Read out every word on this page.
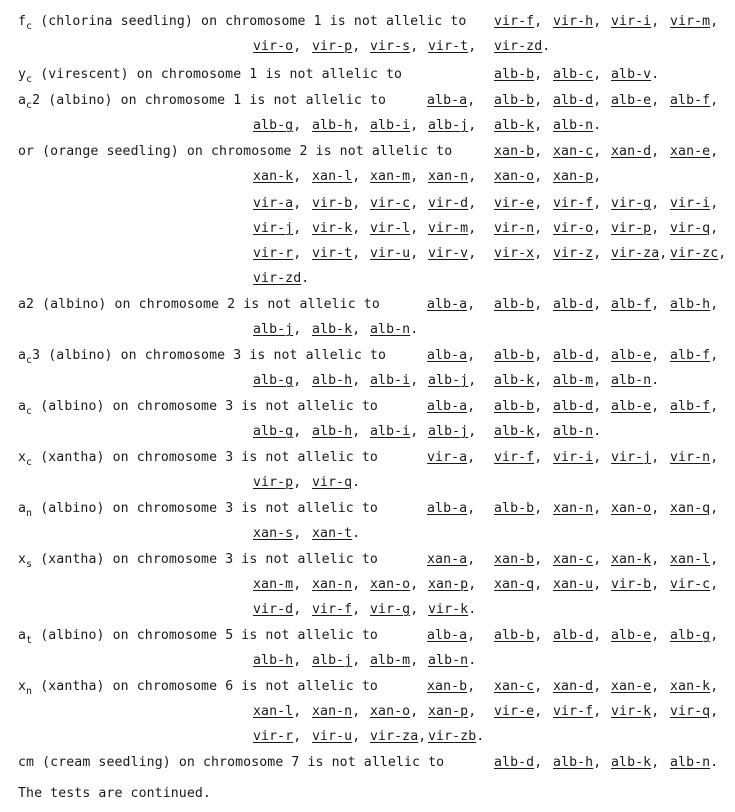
$f_c$ (chlorina seedling) on chromosome 1 is not allelic to vir-f, vir-h, vir-i, vir-m,
vir-o, vir-p, vir-s, vir-t, vir-zd.
$y_c$ (virescent) on chromosome 1 is not allelic to	alb-b, alb-c, alb-v.
$a_c2$ (albino) on chromosome 1 is not allelic to	alb-a, alb-b, alb-d, alb-e, alb-f,
alb-g, alb-h, alb-i, alb-j, alb-k, alb-n.
or (orange seedling) on chromosome 2 is not allelic to	xan-b, xan-c, xan-d, xan-e,
xan-k, xan-l, xan-m, xan-n, xan-o, xan-p,
vir-a, vir-b, vir-c, vir-d, vir-e, vir-f, vir-g, vir-i,
vir-j, vir-k, vir-l, vir-m, vir-n, vir-o, vir-p, vir-q,
vir-r, vir-t, vir-u, vir-v, vir-x, vir-z, vir-za, vir-zc,
vir-zd.
a2 (albino) on chromosome 2 is not allelic to	alb-a, alb-b, alb-d, alb-f, alb-h,
alb-j, alb-k, alb-n.
$a_c3$ (albino) on chromosome 3 is not allelic to	alb-a, alb-b, alb-d, alb-e, alb-f,
alb-g, alb-h, alb-i, alb-j, alb-k, alb-m, alb-n.
$a_c$ (albino) on chromosome 3 is not allelic to	alb-a, alb-b, alb-d, alb-e, alb-f,
alb-g, alb-h, alb-i, alb-j, alb-k, alb-n.
$x_c$ (xantha) on chromosome 3 is not allelic to	vir-a, vir-f, vir-i, vir-j, vir-n,
vir-p, vir-q.
$a_n$ (albino) on chromosome 3 is not allelic to	alb-a, alb-b, xan-n, xan-o, xan-q,
xan-s, xan-t.
$x_s$ (xantha) on chromosome 3 is not allelic to	xan-a, xan-b, xan-c, xan-k, xan-l,
xan-m, xan-n, xan-o, xan-p, xan-q, xan-u, vir-b, vir-c,
vir-d, vir-f, vir-g, vir-k.
$a_t$ (albino) on chromosome 5 is not allelic to	alb-a, alb-b, alb-d, alb-e, alb-g,
alb-h, alb-j, alb-m, alb-n.
$x_n$ (xantha) on chromosome 6 is not allelic to	xan-b, xan-c, xan-d, xan-e, xan-k,
xan-l, xan-n, xan-o, xan-p, vir-e, vir-f, vir-k, vir-q,
vir-r, vir-u, vir-za, vir-zb.
cm (cream seedling) on chromosome 7 is not allelic to	alb-d, alb-h, alb-k, alb-n.
The tests are continued.
